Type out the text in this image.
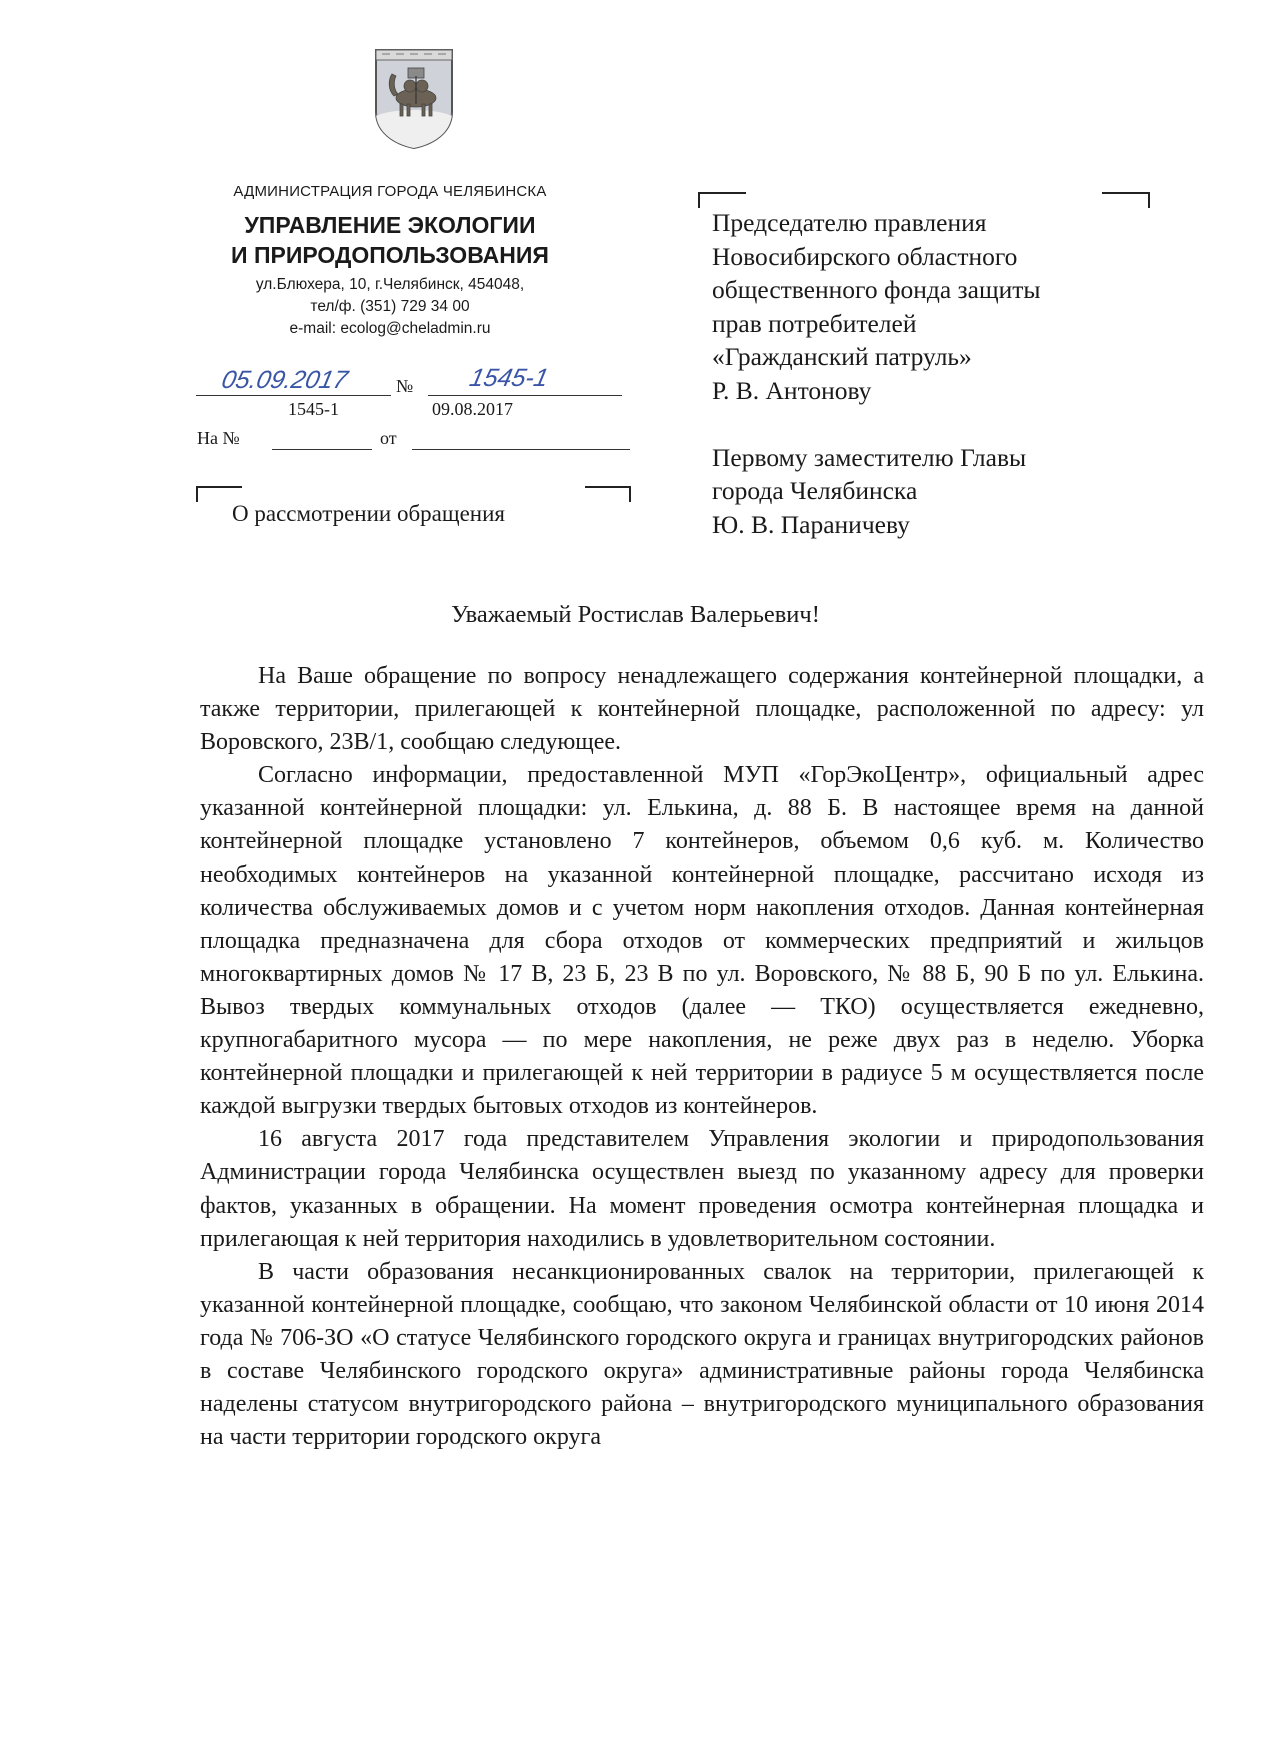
АДМИНИСТРАЦИЯ ГОРОДА ЧЕЛЯБИНСКА
УПРАВЛЕНИЕ ЭКОЛОГИИ
И ПРИРОДОПОЛЬЗОВАНИЯ
ул.Блюхера, 10, г.Челябинск, 454048,
тел/ф. (351) 729 34 00
e-mail: ecolog@cheladmin.ru
05.09.2017	№ 1545-1
1545-1	09.08.2017
На №	от
О рассмотрении обращения
Председателю правления
Новосибирского областного
общественного фонда защиты
прав потребителей
«Гражданский патруль»
Р. В. Антонову
Первому заместителю Главы
города Челябинска
Ю. В. Параничеву
Уважаемый Ростислав Валерьевич!

На Ваше обращение по вопросу ненадлежащего содержания контейнерной площадки, а также территории, прилегающей к контейнерной площадке, расположенной по адресу: ул Воровского, 23В/1, сообщаю следующее.

Согласно информации, предоставленной МУП «ГорЭкоЦентр», официальный адрес указанной контейнерной площадки: ул. Елькина, д. 88 Б. В настоящее время на данной контейнерной площадке установлено 7 контейнеров, объемом 0,6 куб. м. Количество необходимых контейнеров на указанной контейнерной площадке, рассчитано исходя из количества обслуживаемых домов и с учетом норм накопления отходов. Данная контейнерная площадка предназначена для сбора отходов от коммерческих предприятий и жильцов многоквартирных домов № 17 В, 23 Б, 23 В по ул. Воровского, № 88 Б, 90 Б по ул. Елькина. Вывоз твердых коммунальных отходов (далее — ТКО) осуществляется ежедневно, крупногабаритного мусора — по мере накопления, не реже двух раз в неделю. Уборка контейнерной площадки и прилегающей к ней территории в радиусе 5 м осуществляется после каждой выгрузки твердых бытовых отходов из контейнеров.

16 августа 2017 года представителем Управления экологии и природопользования Администрации города Челябинска осуществлен выезд по указанному адресу для проверки фактов, указанных в обращении. На момент проведения осмотра контейнерная площадка и прилегающая к ней территория находились в удовлетворительном состоянии.

В части образования несанкционированных свалок на территории, прилегающей к указанной контейнерной площадке, сообщаю, что законом Челябинской области от 10 июня 2014 года № 706-ЗО «О статусе Челябинского городского округа и границах внутригородских районов в составе Челябинского городского округа» административные районы города Челябинска наделены статусом внутригородского района – внутригородского муниципального образования на части территории городского округа
